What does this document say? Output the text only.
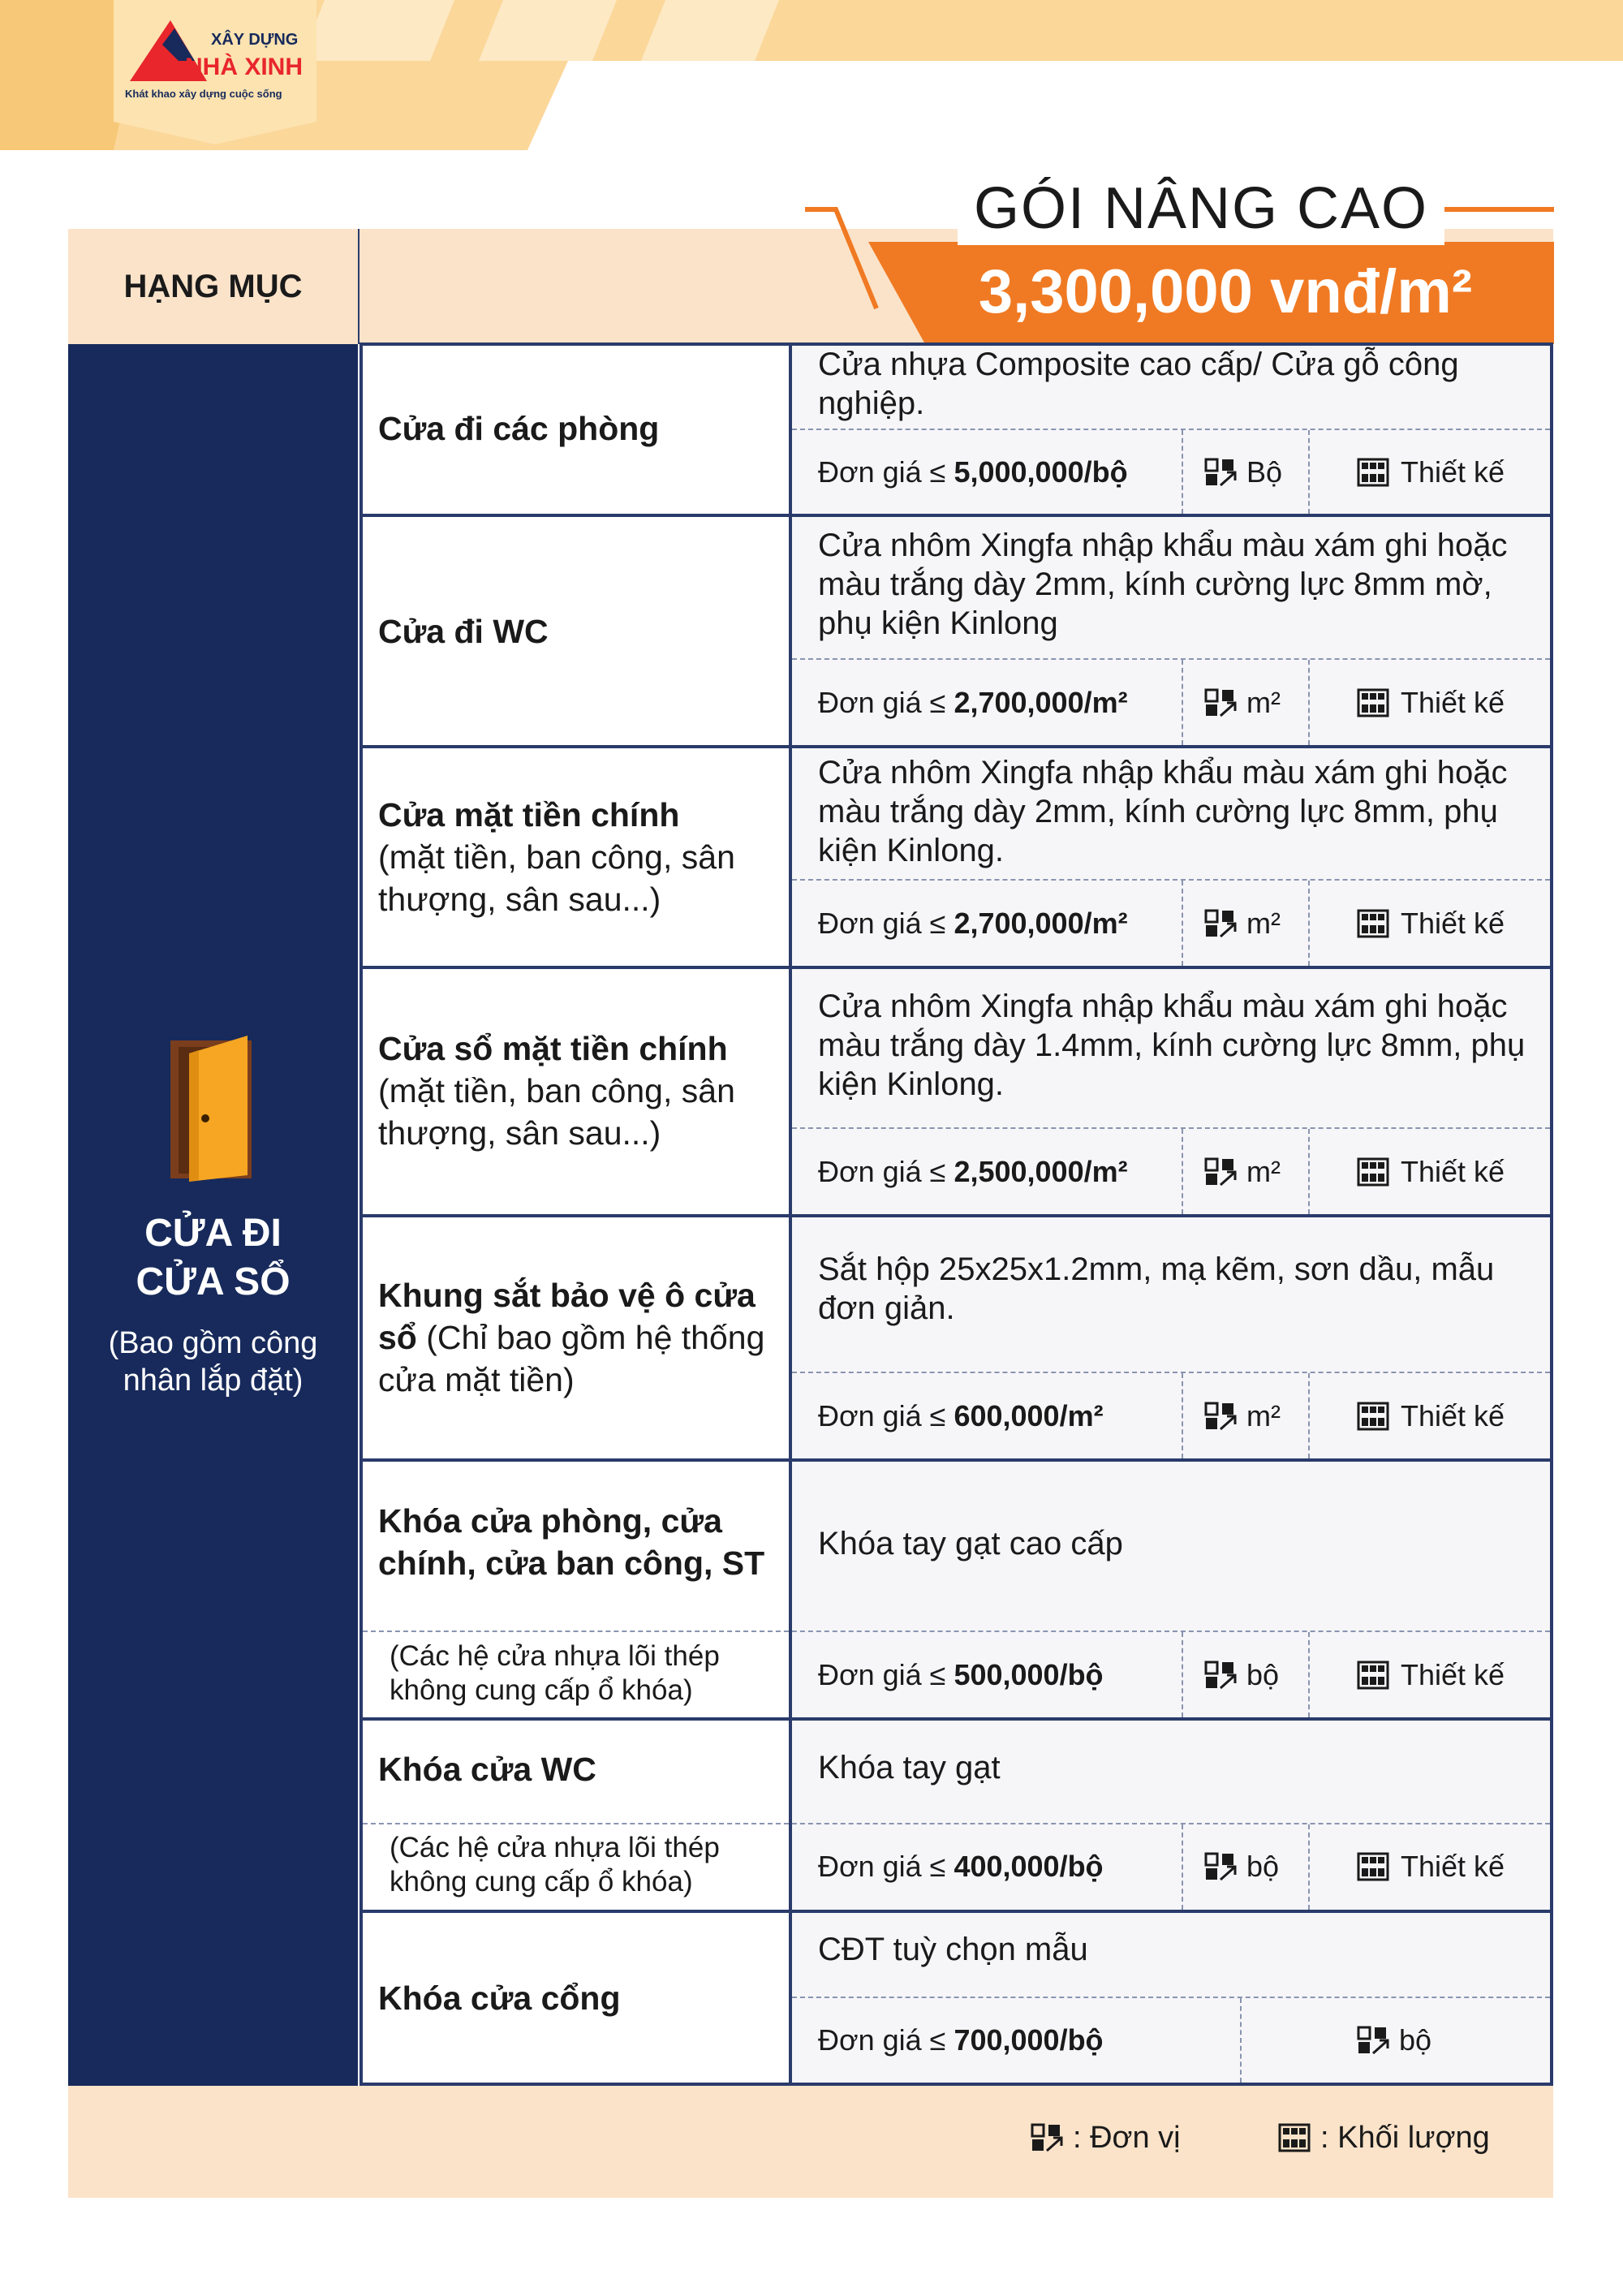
XÂY DỰNG
NHÀ XINH
Khát khao xây dựng cuộc sống
HẠNG MỤC
GÓI NÂNG CAO
3,300,000 vnđ/m²
CỬA ĐI
CỬA SỔ
(Bao gồm công
nhân lắp đặt)
Cửa đi các phòng
Cửa nhựa Composite cao cấp/ Cửa gỗ công nghiệp.
Đơn giá ≤ 5,000,000/bộ	Bộ	Thiết kế
Cửa đi WC
Cửa nhôm Xingfa nhập khẩu màu xám ghi hoặc màu trắng dày 2mm, kính cường lực 8mm mờ, phụ kiện Kinlong
Đơn giá ≤ 2,700,000/m²	m²	Thiết kế
Cửa mặt tiền chính
(mặt tiền, ban công, sân thượng, sân sau...)
Cửa nhôm Xingfa nhập khẩu màu xám ghi hoặc màu trắng dày 2mm, kính cường lực 8mm, phụ kiện Kinlong.
Đơn giá ≤ 2,700,000/m²	m²	Thiết kế
Cửa sổ mặt tiền chính
(mặt tiền, ban công, sân thượng, sân sau...)
Cửa nhôm Xingfa nhập khẩu màu xám ghi hoặc màu trắng dày 1.4mm, kính cường lực 8mm, phụ kiện Kinlong.
Đơn giá ≤ 2,500,000/m²	m²	Thiết kế
Khung sắt bảo vệ ô cửa sổ (Chỉ bao gồm hệ thống cửa mặt tiền)
Sắt hộp 25x25x1.2mm, mạ kẽm, sơn dầu, mẫu đơn giản.
Đơn giá ≤ 600,000/m²	m²	Thiết kế
Khóa cửa phòng, cửa chính, cửa ban công, ST
(Các hệ cửa nhựa lõi thép không cung cấp ổ khóa)
Khóa tay gạt cao cấp
Đơn giá ≤ 500,000/bộ	bộ	Thiết kế
Khóa cửa WC
(Các hệ cửa nhựa lõi thép không cung cấp ổ khóa)
Khóa tay gạt
Đơn giá ≤ 400,000/bộ	bộ	Thiết kế
Khóa cửa cổng
CĐT tuỳ chọn mẫu
Đơn giá ≤ 700,000/bộ	bộ
: Đơn vị	: Khối lượng
